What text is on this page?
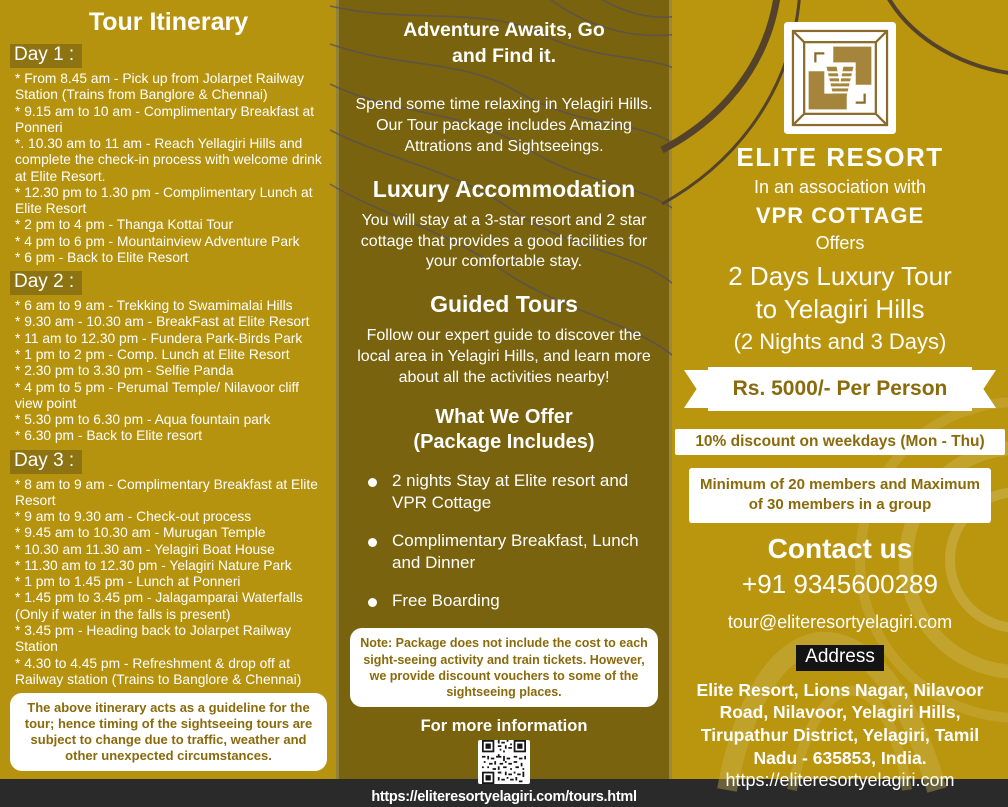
Tour Itinerary
Day 1 :
* From 8.45 am - Pick up from Jolarpet Railway Station (Trains from Banglore & Chennai)
* 9.15 am to 10 am - Complimentary Breakfast at Ponneri
*. 10.30 am to 11 am - Reach Yellagiri Hills and complete the check-in process with welcome drink at Elite Resort.
* 12.30 pm to 1.30 pm - Complimentary Lunch at Elite Resort
* 2 pm to 4 pm - Thanga Kottai Tour
* 4 pm to 6 pm - Mountainview Adventure Park
* 6 pm - Back to Elite Resort
Day 2 :
* 6 am to 9 am - Trekking to Swamimalai Hills
* 9.30 am - 10.30 am - BreakFast at Elite Resort
* 11 am to 12.30 pm - Fundera Park-Birds Park
* 1 pm to 2 pm - Comp. Lunch at Elite Resort
* 2.30 pm to 3.30 pm - Selfie Panda
* 4 pm to 5 pm - Perumal Temple/ Nilavoor cliff view point
* 5.30 pm to 6.30 pm - Aqua fountain park
* 6.30 pm - Back to Elite resort
Day 3 :
* 8 am to 9 am - Complimentary Breakfast at Elite Resort
* 9 am to 9.30 am - Check-out process
* 9.45 am to 10.30 am - Murugan Temple
* 10.30 am 11.30 am - Yelagiri Boat House
* 11.30 am to 12.30 pm - Yelagiri Nature Park
* 1 pm to 1.45 pm - Lunch at Ponneri
* 1.45 pm to 3.45 pm - Jalagamparai Waterfalls (Only if water in the falls is present)
* 3.45 pm - Heading back to Jolarpet Railway Station
* 4.30 to 4.45 pm - Refreshment & drop off at Railway station (Trains to Banglore & Chennai)
The above itinerary acts as a guideline for the tour; hence timing of the sightseeing tours are subject to change due to traffic, weather and other unexpected circumstances.
Adventure Awaits, Go
and Find it.
Spend some time relaxing in Yelagiri Hills. Our Tour package includes Amazing Attrations and Sightseeings.
Luxury Accommodation
You will stay at a 3-star resort and 2 star cottage that provides a good facilities for your comfortable stay.
Guided Tours
Follow our expert guide to discover the local area in Yelagiri Hills, and learn more about all the activities nearby!
What We Offer
(Package Includes)
2 nights Stay at Elite resort and VPR Cottage
Complimentary Breakfast, Lunch and Dinner
Free Boarding
Note: Package does not include the cost to each sight-seeing activity and train tickets. However, we provide discount vouchers to some of the sightseeing places.
For more information
https://eliteresortyelagiri.com/tours.html
ELITE RESORT
In an association with
VPR COTTAGE
Offers
2 Days Luxury Tour
to Yelagiri Hills
(2 Nights and 3 Days)
Rs. 5000/- Per Person
10% discount on weekdays (Mon - Thu)
Minimum of 20 members and Maximum of 30 members in a group
Contact us
+91 9345600289
tour@eliteresortyelagiri.com
Address
Elite Resort, Lions Nagar, Nilavoor Road, Nilavoor, Yelagiri Hills, Tirupathur District, Yelagiri, Tamil Nadu - 635853, India.
https://eliteresortyelagiri.com
